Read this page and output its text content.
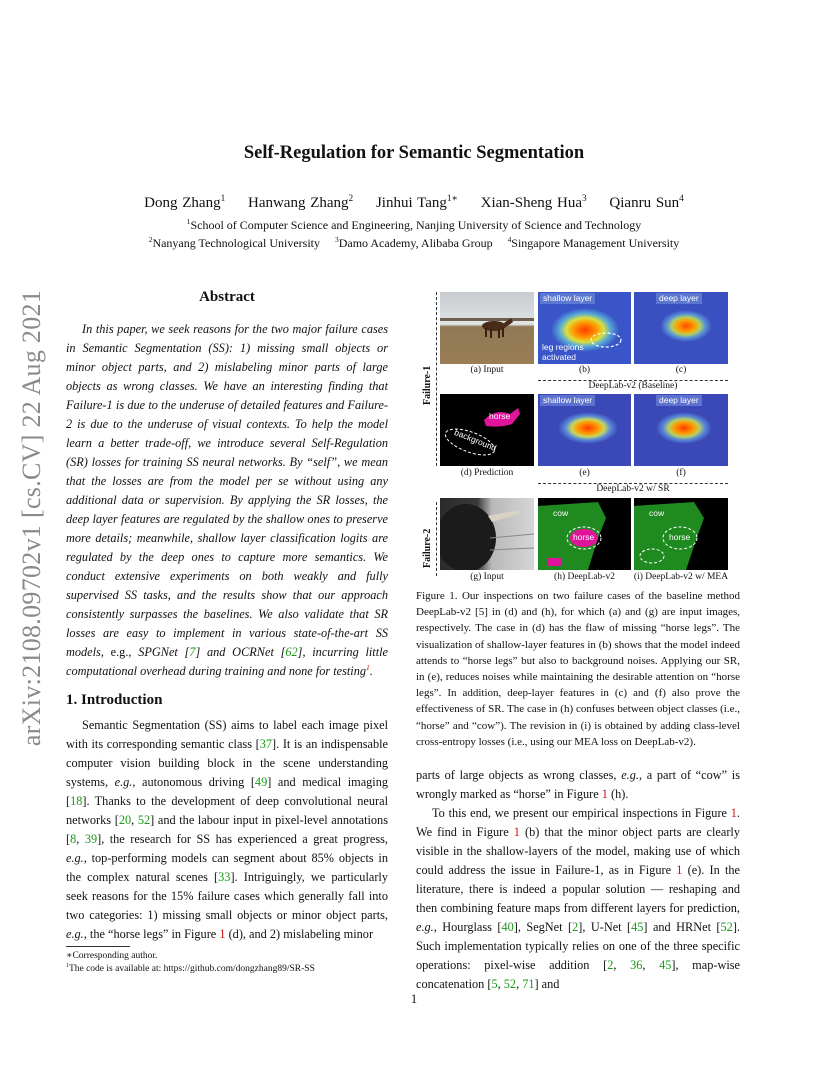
arXiv:2108.09702v1 [cs.CV] 22 Aug 2021
Self-Regulation for Semantic Segmentation
Dong Zhang$^1$ Hanwang Zhang$^2$ Jinhui Tang$^{1∗}$ Xian-Sheng Hua$^3$ Qianru Sun$^4$
$^1$School of Computer Science and Engineering, Nanjing University of Science and Technology
$^2$Nanyang Technological University $^3$Damo Academy, Alibaba Group $^4$Singapore Management University
Abstract
In this paper, we seek reasons for the two major failure cases in Semantic Segmentation (SS): 1) missing small objects or minor object parts, and 2) mislabeling minor parts of large objects as wrong classes. We have an interesting finding that Failure-1 is due to the underuse of detailed features and Failure-2 is due to the underuse of visual contexts. To help the model learn a better trade-off, we introduce several Self-Regulation (SR) losses for training SS neural networks. By “self”, we mean that the losses are from the model per se without using any additional data or supervision. By applying the SR losses, the deep layer features are regulated by the shallow ones to preserve more details; meanwhile, shallow layer classification logits are regulated by the deep ones to capture more semantics. We conduct extensive experiments on both weakly and fully supervised SS tasks, and the results show that our approach consistently surpasses the baselines. We also validate that SR losses are easy to implement in various state-of-the-art SS models, e.g., SPGNet [7] and OCRNet [62], incurring little computational overhead during training and none for testing$^1$.
1. Introduction
Semantic Segmentation (SS) aims to label each image pixel with its corresponding semantic class [37]. It is an indispensable computer vision building block in the scene understanding systems, e.g., autonomous driving [49] and medical imaging [18]. Thanks to the development of deep convolutional neural networks [20, 52] and the labour input in pixel-level annotations [8, 39], the research for SS has experienced a great progress, e.g., top-performing models can segment about 85% objects in the complex natural scenes [33]. Intriguingly, we particularly seek reasons for the 15% failure cases which generally fall into two categories: 1) missing small objects or minor object parts, e.g., the “horse legs” in Figure 1 (d), and 2) mislabeling minor
∗Corresponding author.
$^1$The code is available at: https://github.com/dongzhang89/SR-SS
1
Failure-1
Failure-2
(a) Input
shallow layer
leg regions
activated
(b)
deep layer
(c)
DeepLab-v2 (Baseline)
horse
background
(d) Prediction
shallow layer
(e)
deep layer
(f)
DeepLab-v2 w/ SR
(g) Input
cow
horse
(h) DeepLab-v2
cow
horse
(i) DeepLab-v2 w/ MEA
Figure 1. Our inspections on two failure cases of the baseline method DeepLab-v2 [5] in (d) and (h), for which (a) and (g) are input images, respectively. The case in (d) has the flaw of missing “horse legs”. The visualization of shallow-layer features in (b) shows that the model indeed attends to “horse legs” but also to background noises. Applying our SR, in (e), reduces noises while maintaining the desirable attention on “horse legs”. In addition, deep-layer features in (c) and (f) also prove the effectiveness of SR. The case in (h) confuses between object classes (i.e., “horse” and “cow”). The revision in (i) is obtained by adding class-level cross-entropy losses (i.e., using our MEA loss on DeepLab-v2).
parts of large objects as wrong classes, e.g., a part of “cow” is wrongly marked as “horse” in Figure 1 (h).
To this end, we present our empirical inspections in Figure 1. We find in Figure 1 (b) that the minor object parts are clearly visible in the shallow-layers of the model, making use of which could address the issue in Failure-1, as in Figure 1 (e). In the literature, there is indeed a popular solution — reshaping and then combining feature maps from different layers for prediction, e.g., Hourglass [40], SegNet [2], U-Net [45] and HRNet [52]. Such implementation typically relies on one of the three specific operations: pixel-wise addition [2, 36, 45], map-wise concatenation [5, 52, 71] and
